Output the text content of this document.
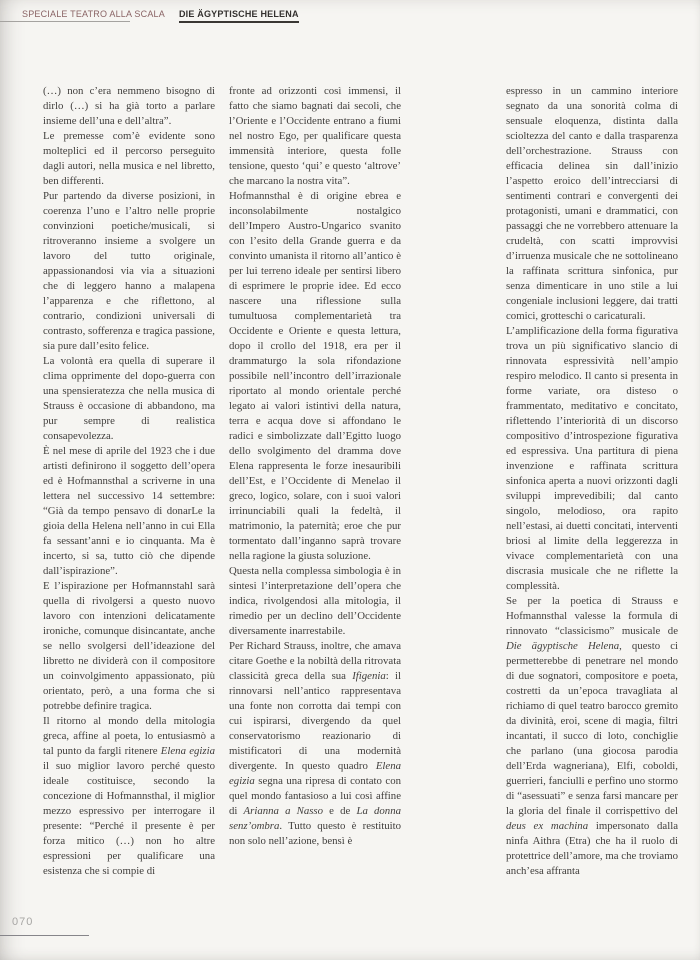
SPECIALE TEATRO ALLA SCALA DIE ÄGYPTISCHE HELENA

(…) non c’era nemmeno bisogno di dirlo (…) si ha già torto a parlare insieme dell’una e dell’altra”.

Le premesse com’è evidente sono molteplici ed il percorso perseguito dagli autori, nella musica e nel libretto, ben differenti.

Pur partendo da diverse posizioni, in coerenza l’uno e l’altro nelle proprie convinzioni poetiche/musicali, si ritroveranno insieme a svolgere un lavoro del tutto originale, appassionandosi via via a situazioni che di leggero hanno a malapena l’apparenza e che riflettono, al contrario, condizioni universali di contrasto, sofferenza e tragica passione, sia pure dall’esito felice.

La volontà era quella di superare il clima opprimente del dopo-guerra con una spensieratezza che nella musica di Strauss è occasione di abbandono, ma pur sempre di realistica consapevolezza.

È nel mese di aprile del 1923 che i due artisti definirono il soggetto dell’opera ed è Hofmannsthal a scriverne in una lettera nel successivo 14 settembre: “Già da tempo pensavo di donarLe la gioia della Helena nell’anno in cui Ella fa sessant’anni e io cinquanta. Ma è incerto, si sa, tutto ciò che dipende dall’ispirazione”.

E l’ispirazione per Hofmannstahl sarà quella di rivolgersi a questo nuovo lavoro con intenzioni delicatamente ironiche, comunque disincantate, anche se nello svolgersi dell’ideazione del libretto ne dividerà con il compositore un coinvolgimento appassionato, più orientato, però, a una forma che si potrebbe definire tragica.

Il ritorno al mondo della mitologia greca, affine al poeta, lo entusiasmò a tal punto da fargli ritenere Elena egizia il suo miglior lavoro perché questo ideale costituisce, secondo la concezione di Hofmannsthal, il miglior mezzo espressivo per interrogare il presente: “Perché il presente è per forza mitico (…) non ho altre espressioni per qualificare una esistenza che si compie di

fronte ad orizzonti così immensi, il fatto che siamo bagnati dai secoli, che l’Oriente e l’Occidente entrano a fiumi nel nostro Ego, per qualificare questa immensità interiore, questa folle tensione, questo ‘qui’ e questo ‘altrove’ che marcano la nostra vita”.

Hofmannsthal è di origine ebrea e inconsolabilmente nostalgico dell’Impero Austro-Ungarico svanito con l’esito della Grande guerra e da convinto umanista il ritorno all’antico è per lui terreno ideale per sentirsi libero di esprimere le proprie idee. Ed ecco nascere una riflessione sulla tumultuosa complementarietà tra Occidente e Oriente e questa lettura, dopo il crollo del 1918, era per il drammaturgo la sola rifondazione possibile nell’incontro dell’irrazionale riportato al mondo orientale perché legato ai valori istintivi della natura, terra e acqua dove si affondano le radici e simbolizzate dall’Egitto luogo dello svolgimento del dramma dove Elena rappresenta le forze inesauribili dell’Est, e l’Occidente di Menelao il greco, logico, solare, con i suoi valori irrinunciabili quali la fedeltà, il matrimonio, la paternità; eroe che pur tormentato dall’inganno saprà trovare nella ragione la giusta soluzione.

Questa nella complessa simbologia è in sintesi l’interpretazione dell’opera che indica, rivolgendosi alla mitologia, il rimedio per un declino dell’Occidente diversamente inarrestabile.

Per Richard Strauss, inoltre, che amava citare Goethe e la nobiltà della ritrovata classicità greca della sua Ifigenia: il rinnovarsi nell’antico rappresentava una fonte non corrotta dai tempi con cui ispirarsi, divergendo da quel conservatorismo reazionario di mistificatori di una modernità divergente. In questo quadro Elena egizia segna una ripresa di contato con quel mondo fantasioso a lui così affine di Arianna a Nasso e de La donna senz’ombra. Tutto questo è restituito non solo nell’azione, bensì è

espresso in un cammino interiore segnato da una sonorità colma di sensuale eloquenza, distinta dalla scioltezza del canto e dalla trasparenza dell’orchestrazione. Strauss con efficacia delinea sin dall’inizio l’aspetto eroico dell’intrecciarsi di sentimenti contrari e convergenti dei protagonisti, umani e drammatici, con passaggi che ne vorrebbero attenuare la crudeltà, con scatti improvvisi d’irruenza musicale che ne sottolineano la raffinata scrittura sinfonica, pur senza dimenticare in uno stile a lui congeniale inclusioni leggere, dai tratti comici, grotteschi o caricaturali.

L’amplificazione della forma figurativa trova un più significativo slancio di rinnovata espressività nell’ampio respiro melodico. Il canto si presenta in forme variate, ora disteso o frammentato, meditativo e concitato, riflettendo l’interiorità di un discorso compositivo d’introspezione figurativa ed espressiva. Una partitura di piena invenzione e raffinata scrittura sinfonica aperta a nuovi orizzonti dagli sviluppi imprevedibili; dal canto singolo, melodioso, ora rapito nell’estasi, ai duetti concitati, interventi briosi al limite della leggerezza in vivace complementarietà con una discrasia musicale che ne riflette la complessità.

Se per la poetica di Strauss e Hofmannsthal valesse la formula di rinnovato “classicismo” musicale de Die ägyptische Helena, questo ci permetterebbe di penetrare nel mondo di due sognatori, compositore e poeta, costretti da un’epoca travagliata al richiamo di quel teatro barocco gremito da divinità, eroi, scene di magia, filtri incantati, il succo di loto, conchiglie che parlano (una giocosa parodia dell’Erda wagneriana), Elfi, coboldi, guerrieri, fanciulli e perfino uno stormo di “asessuati” e senza farsi mancare per la gloria del finale il corrispettivo del deus ex machina impersonato dalla ninfa Aithra (Etra) che ha il ruolo di protettrice dell’amore, ma che troviamo anch’esa affranta

070
